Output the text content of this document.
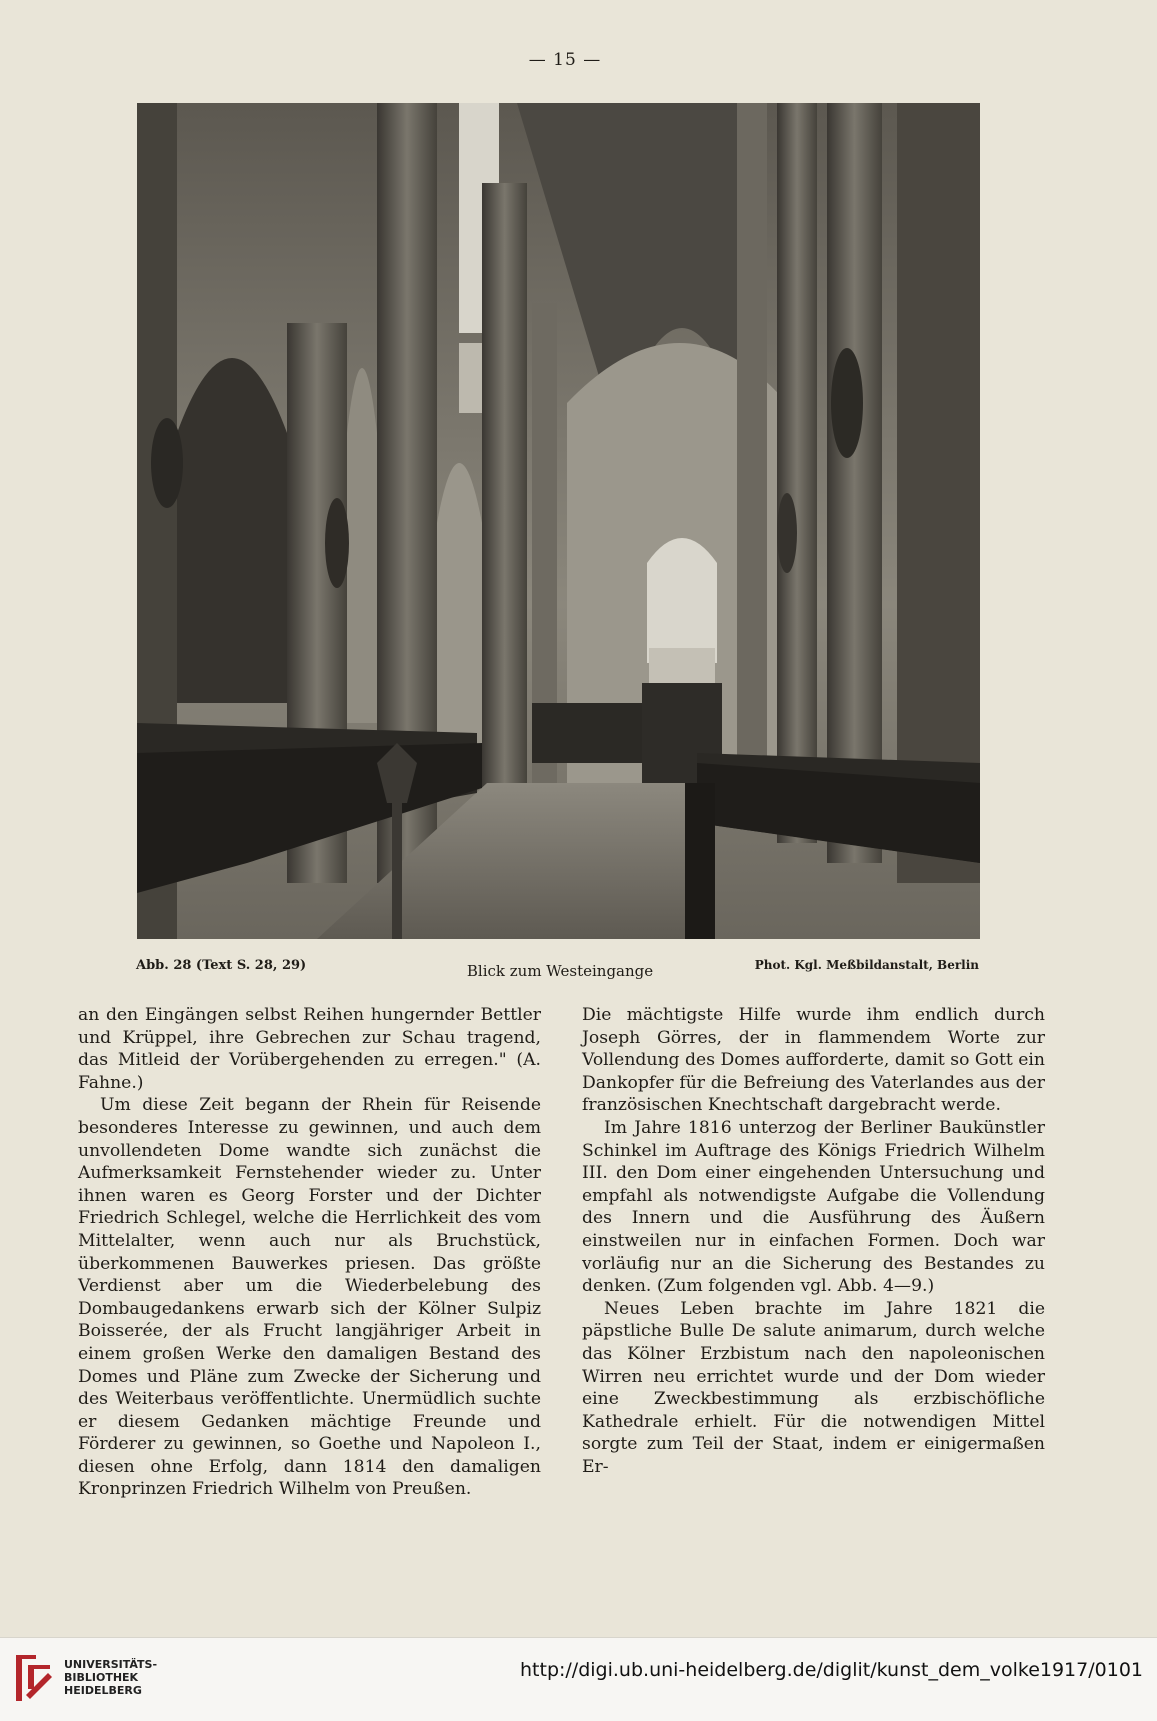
— 15 —
Abb. 28 (Text S. 28, 29)	Blick zum Westeingange	Phot. Kgl. Meßbildanstalt, Berlin

an den Eingängen selbst Reihen hungernder Bettler und Krüppel, ihre Gebrechen zur Schau tragend, das Mitleid der Vorübergehenden zu erregen." (A. Fahne.)

Um diese Zeit begann der Rhein für Reisende besonderes Interesse zu gewinnen, und auch dem unvollendeten Dome wandte sich zunächst die Aufmerksamkeit Fernstehender wieder zu. Unter ihnen waren es Georg Forster und der Dichter Friedrich Schlegel, welche die Herrlichkeit des vom Mittelalter, wenn auch nur als Bruchstück, überkommenen Bauwerkes priesen. Das größte Verdienst aber um die Wiederbelebung des Dombaugedankens erwarb sich der Kölner Sulpiz Boisserée, der als Frucht langjähriger Arbeit in einem großen Werke den damaligen Bestand des Domes und Pläne zum Zwecke der Sicherung und des Weiterbaus veröffentlichte. Unermüdlich suchte er diesem Gedanken mächtige Freunde und Förderer zu gewinnen, so Goethe und Napoleon I., diesen ohne Erfolg, dann 1814 den damaligen Kronprinzen Friedrich Wilhelm von Preußen.

Die mächtigste Hilfe wurde ihm endlich durch Joseph Görres, der in flammendem Worte zur Vollendung des Domes aufforderte, damit so Gott ein Dankopfer für die Befreiung des Vaterlandes aus der französischen Knechtschaft dargebracht werde.

Im Jahre 1816 unterzog der Berliner Baukünstler Schinkel im Auftrage des Königs Friedrich Wilhelm III. den Dom einer eingehenden Untersuchung und empfahl als notwendigste Aufgabe die Vollendung des Innern und die Ausführung des Äußern einstweilen nur in einfachen Formen. Doch war vorläufig nur an die Sicherung des Bestandes zu denken. (Zum folgenden vgl. Abb. 4—9.)

Neues Leben brachte im Jahre 1821 die päpstliche Bulle De salute animarum, durch welche das Kölner Erzbistum nach den napoleonischen Wirren neu errichtet wurde und der Dom wieder eine Zweckbestimmung als erzbischöfliche Kathedrale erhielt. Für die notwendigen Mittel sorgte zum Teil der Staat, indem er einigermaßen Er-

UNIVERSITÄTS-
BIBLIOTHEK
HEIDELBERG
http://digi.ub.uni-heidelberg.de/diglit/kunst_dem_volke1917/0101
